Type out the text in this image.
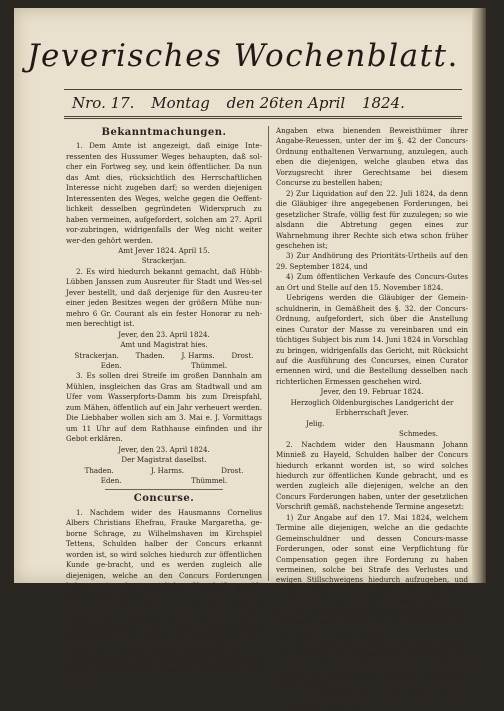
Jeverisches Wochenblatt.
Nro. 17. Montag den 26ten April 1824.
Bekanntmachungen.

1. Dem Amte ist angezeigt, daß einige Inte-ressenten des Hussumer Weges behaupten, daß sol-cher ein Fortweg sey, und kein öffentlicher. Da nun das Amt dies, rücksichtlich des Herrschaftlichen Interesse nicht zugeben darf; so werden diejenigen Interessenten des Weges, welche gegen die Oeffent-lichkeit desselben gegründeten Widerspruch zu haben vermeinen, aufgefordert, solchen am 27. April vor-zubringen, widrigenfalls der Weg nicht weiter wer-den gehört werden.

Amt Jever 1824. April 15.

Strackerjan.

2. Es wird hiedurch bekannt gemacht, daß Hübb-Lübben Janssen zum Ausreuter für Stadt und Wes-sel Jever bestellt, und daß derjenige für den Ausreu-ter einer jeden Besitzes wegen der größern Mühe nun-mehro 6 Gr. Courant als ein fester Honorar zu neh-men berechtigt ist.

Jever, den 23. April 1824.

Amt und Magistrat hies.

Strackerjan. Thaden. J. Harms. Drost.
Eden.	Thümmel.

3. Es sollen drei Streife im großen Dannhaln am Mühlen, insgleichen das Gras am Stadtwall und am Ufer vom Wasserpforts-Damm bis zum Dreispfahl, zum Mähen, öffentlich auf ein Jahr verheuert werden. Die Liebhaber wollen sich am 3. Mai e. J. Vormittags um 11 Uhr auf dem Rathhause einfinden und ihr Gebot erklären.

Jever, den 23. April 1824.

Der Magistrat daselbst.

Thaden.	J. Harms.	Drost.
Eden.	Thümmel.
Concurse.

1. Nachdem wider des Hausmanns Cornelius Albers Christians Ehefrau, Frauke Margaretha, ge-borne Schrage, zu Wilhelmshaven im Kirchspiel Tettens, Schulden halber der Concurs erkannt worden ist, so wird solches hiedurch zur öffentlichen Kunde ge-bracht, und es werden zugleich alle diejenigen, welche an den Concurs Forderungen haben, unter der gesetzlichen Vorschrift gemäß, nachstehende Termine:

1) Zur Angabe auf den 14. Mai 1824, welchem Termine alle diejenigen, welche an die gedachte Gemeinschuldnerin und deren Concursmasse Forderungen, oder sonst eine Verpflichtung für Compensation gegen eigenen Gegenforderungen zu haben vermeinen, solche bei Strafe des Verlustes und ewigen Stillschweigens hiedurch aufzugeben, und selbige ...

Angaben etwa bienenden Beweisthümer ihrer Angabe-Reuessen, unter der im §. 42 der Concurs-Ordnung enthaltenen Verwarnung, anzulegen, auch eben die diejenigen, welche glauben etwa das Vorzugsrecht ihrer Gerechtsame bei diesem Concurse zu bestellen haben;

2) Zur Liquidation auf den 22. Juli 1824, da denn die Gläubiger ihre angegebenen Forderungen, bei gesetzlicher Strafe, völlig fest für zuzulegen; so wie alsdann die Abtretung gegen eines zur Wahrnehmung ihrer Rechte sich etwa schon früher geschehen ist;

3) Zur Andhörung des Prioritäts-Urtheils auf den 29. September 1824, und

4) Zum öffentlichen Verkaufe des Concurs-Gutes an Ort und Stelle auf den 15. November 1824.

Uebrigens werden die Gläubiger der Gemein-schuldnerin, in Gemäßheit des §. 32. der Concurs-Ordnung, aufgefordert, sich über die Anstellung eines Curator der Masse zu vereinbaren und ein tüchtiges Subject bis zum 14. Juni 1824 in Vorschlag zu bringen, widrigenfalls das Gericht, mit Rücksicht auf die Ausführung des Concurses, einen Curator ernennen wird, und die Bestellung desselben nach richterlichen Ermessen geschehen wird.

Jever, den 19. Februar 1824.

Herzoglich Oldenburgisches Landgericht der Erbherrschaft Jever.

Jelig.

Schmedes.

2. Nachdem wider den Hausmann Johann Minnieß zu Hayeld, Schulden halber der Concurs hiedurch erkannt worden ist, so wird solches hiedurch zur öffentlichen Kunde gebracht, und es werden zugleich alle diejenigen, welche an den Concurs Forderungen haben, unter der gesetzlichen Vorschrift gemäß, nachstehende Termine angesetzt:

1) Zur Angabe auf den 17. Mai 1824, welchem Termine alle diejenigen, welche an die gedachte Gemeinschuldner und dessen Concurs-masse Forderungen, oder sonst eine Verpflichtung für Compensation gegen ihre Forderung zu haben vermeinen, solche bei Strafe des Verlustes und ewigen Stillschweigens hiedurch aufzugeben, und selbige nebst ihrer Angaben etwa bienenden Beweisthümer ihrer Angabe-Reuessen, unter der im §. 42 der Concurs-Ordnung enthaltenen Verwarnung, anzulegen, auch ebenfalls von der Ausführung des Concursmittels abstehen haben;

2) Zur Liquidation auf den 24. Juli 1824, da denn die Gläubiger ihre angegebenen Forderungen bei gesetzlicher Strafe, völlig zu liquidiren haben, und sich über die Verwaltung der Masse vor auszulegen; so wie alsdann ...

3) Zur Andhörung des Prioritäts-Urtheils auf den 8. September 1824, und
